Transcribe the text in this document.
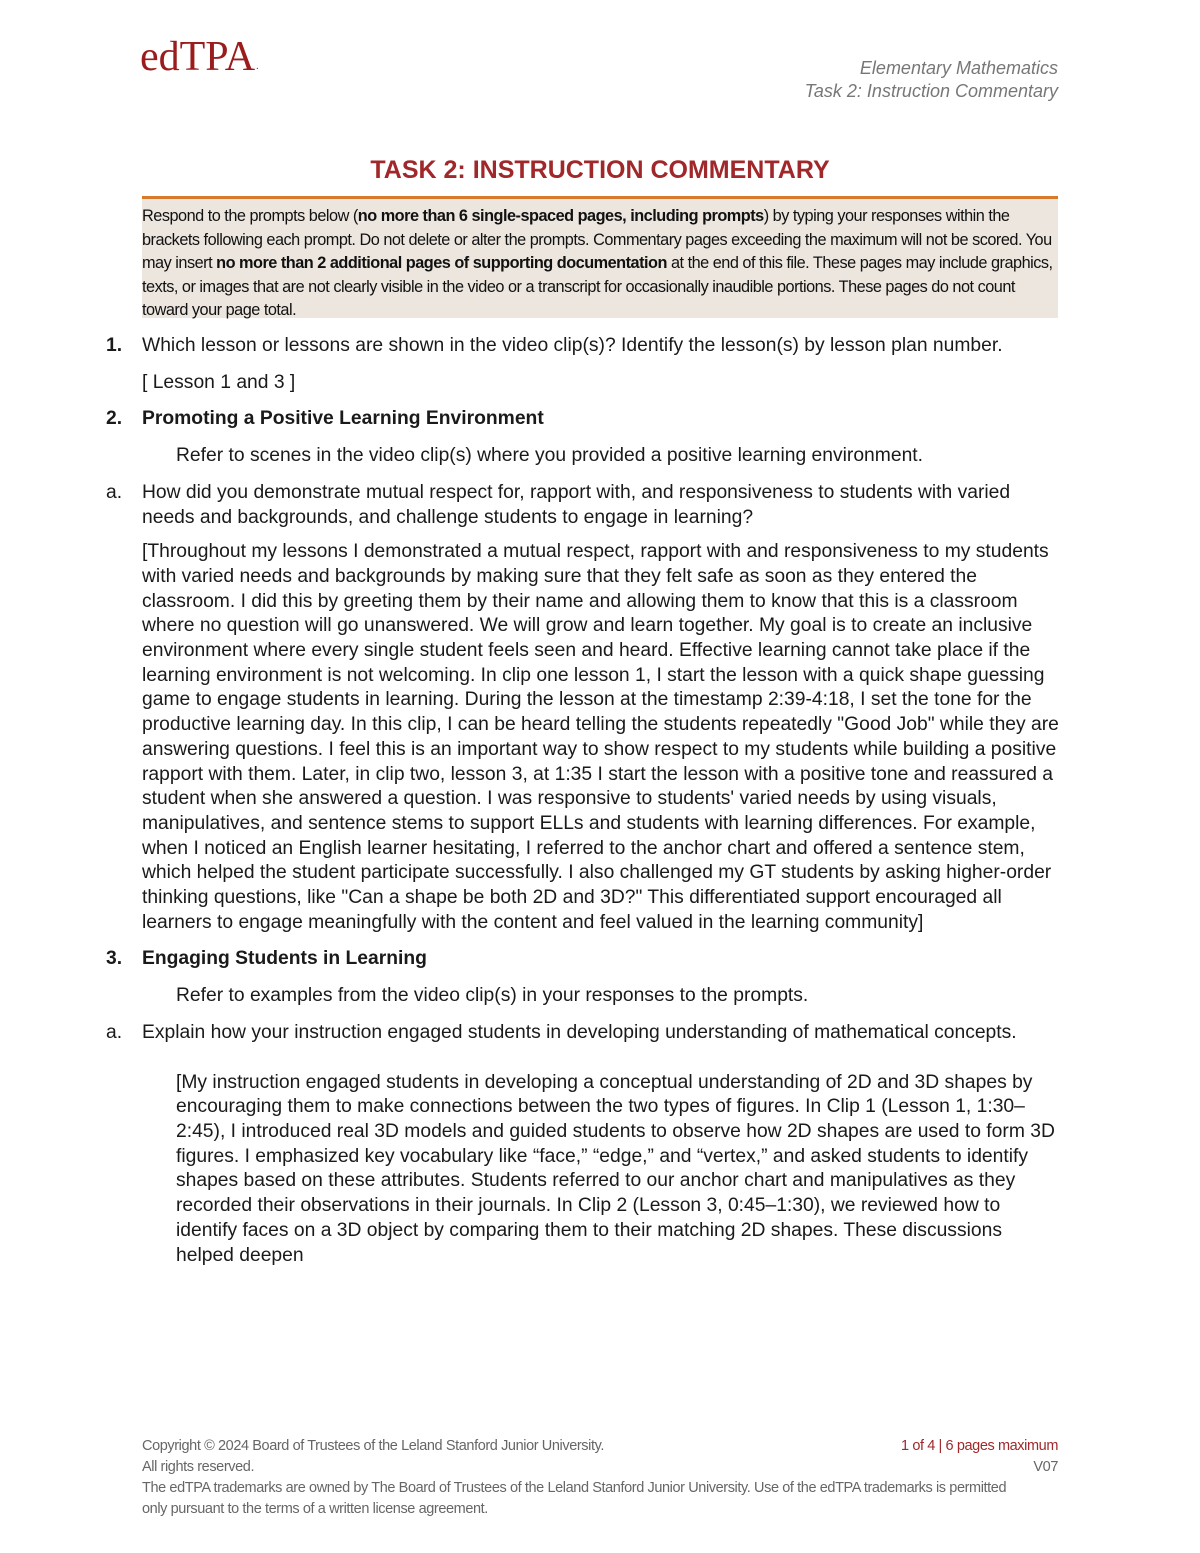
edTPA.	Elementary Mathematics
Task 2: Instruction Commentary
TASK 2: INSTRUCTION COMMENTARY
Respond to the prompts below (no more than 6 single-spaced pages, including prompts) by typing your responses within the brackets following each prompt. Do not delete or alter the prompts. Commentary pages exceeding the maximum will not be scored. You may insert no more than 2 additional pages of supporting documentation at the end of this file. These pages may include graphics, texts, or images that are not clearly visible in the video or a transcript for occasionally inaudible portions. These pages do not count toward your page total.
1. Which lesson or lessons are shown in the video clip(s)? Identify the lesson(s) by lesson plan number.
[ Lesson 1 and 3 ]
2. Promoting a Positive Learning Environment
Refer to scenes in the video clip(s) where you provided a positive learning environment.
a. How did you demonstrate mutual respect for, rapport with, and responsiveness to students with varied needs and backgrounds, and challenge students to engage in learning?
[Throughout my lessons I demonstrated a mutual respect, rapport with and responsiveness to my students with varied needs and backgrounds by making sure that they felt safe as soon as they entered the classroom. I did this by greeting them by their name and allowing them to know that this is a classroom where no question will go unanswered. We will grow and learn together. My goal is to create an inclusive environment where every single student feels seen and heard. Effective learning cannot take place if the learning environment is not welcoming. In clip one lesson 1, I start the lesson with a quick shape guessing game to engage students in learning. During the lesson at the timestamp 2:39-4:18, I set the tone for the productive learning day. In this clip, I can be heard telling the students repeatedly "Good Job" while they are answering questions. I feel this is an important way to show respect to my students while building a positive rapport with them. Later, in clip two, lesson 3, at 1:35 I start the lesson with a positive tone and reassured a student when she answered a question. I was responsive to students' varied needs by using visuals, manipulatives, and sentence stems to support ELLs and students with learning differences. For example, when I noticed an English learner hesitating, I referred to the anchor chart and offered a sentence stem, which helped the student participate successfully. I also challenged my GT students by asking higher-order thinking questions, like "Can a shape be both 2D and 3D?" This differentiated support encouraged all learners to engage meaningfully with the content and feel valued in the learning community]
3. Engaging Students in Learning
Refer to examples from the video clip(s) in your responses to the prompts.
a. Explain how your instruction engaged students in developing understanding of mathematical concepts.
[My instruction engaged students in developing a conceptual understanding of 2D and 3D shapes by encouraging them to make connections between the two types of figures. In Clip 1 (Lesson 1, 1:30–2:45), I introduced real 3D models and guided students to observe how 2D shapes are used to form 3D figures. I emphasized key vocabulary like “face,” “edge,” and “vertex,” and asked students to identify shapes based on these attributes. Students referred to our anchor chart and manipulatives as they recorded their observations in their journals. In Clip 2 (Lesson 3, 0:45–1:30), we reviewed how to identify faces on a 3D object by comparing them to their matching 2D shapes. These discussions helped deepen
Copyright © 2024 Board of Trustees of the Leland Stanford Junior University.
All rights reserved.
The edTPA trademarks are owned by The Board of Trustees of the Leland Stanford Junior University. Use of the edTPA trademarks is permitted only pursuant to the terms of a written license agreement.
1 of 4 | 6 pages maximum
V07
